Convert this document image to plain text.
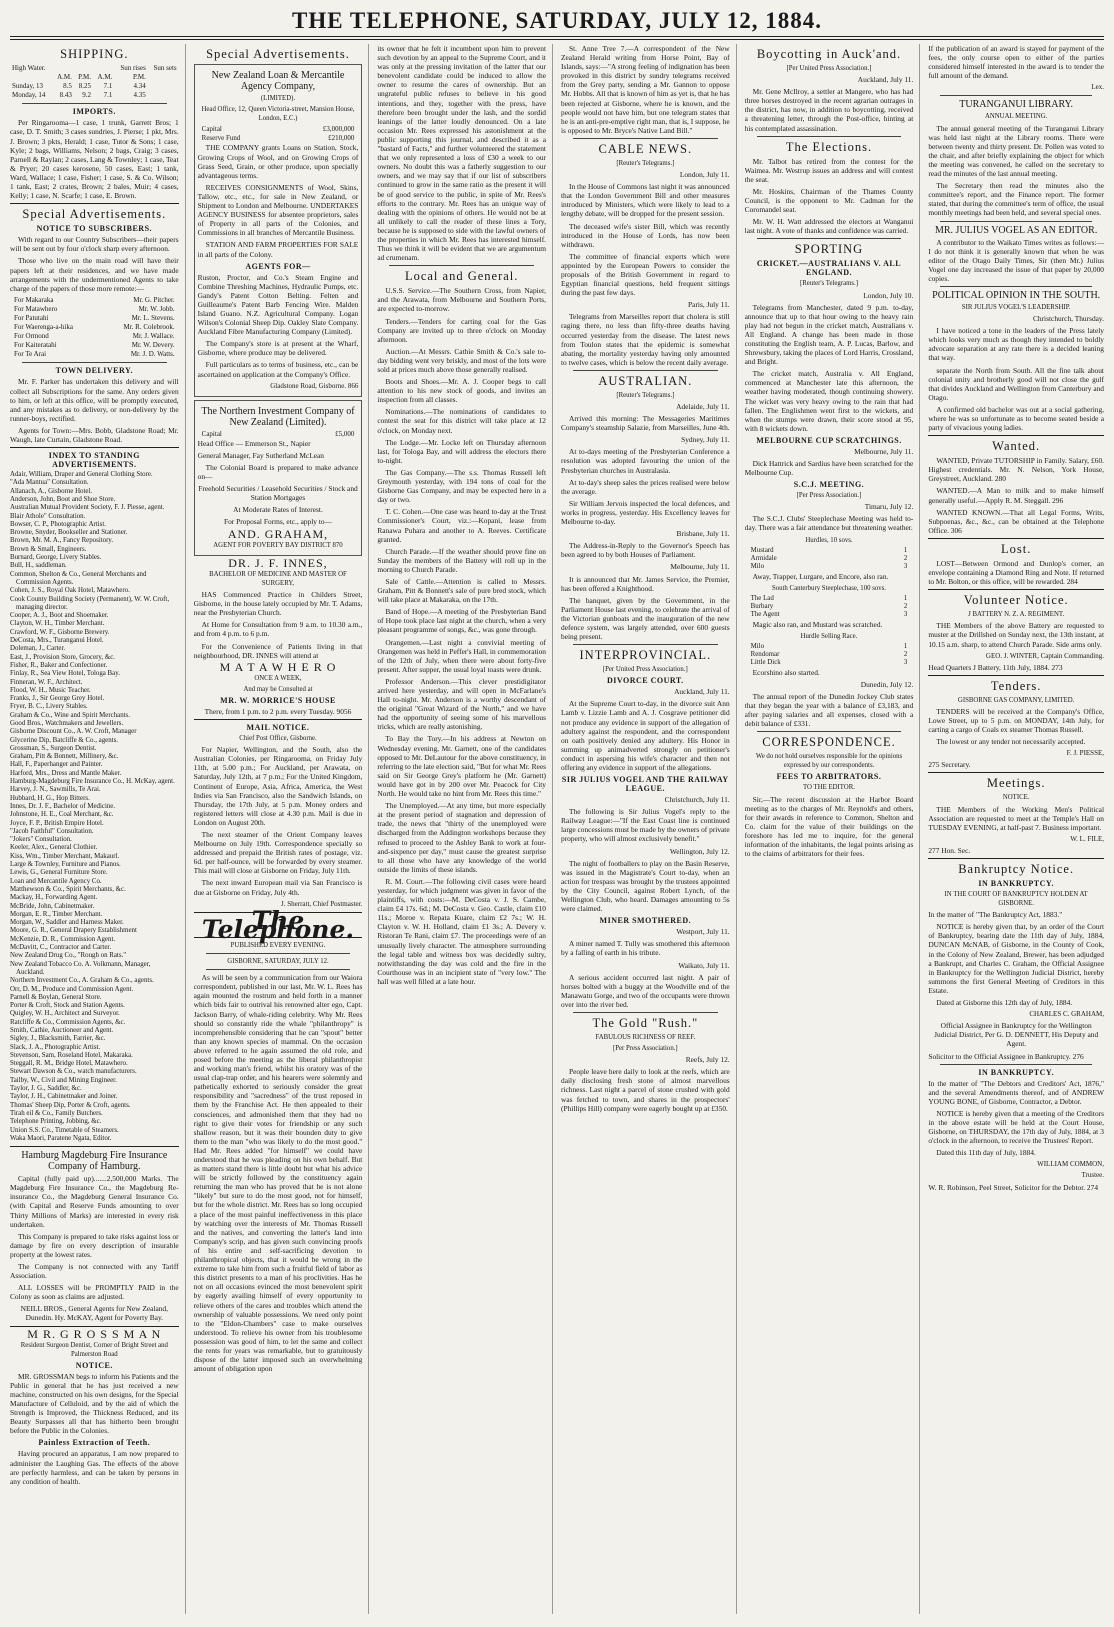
THE TELEPHONE, SATURDAY, JULY 12, 1884.
SHIPPING.
High Water.				Sun rises	Sun sets
	A.M.	P.M.	A.M.	P.M.	
Sunday, 13	8.5	8.25	7.1	4.34	
Monday, 14	8.43	9.2	7.1	4.35	
IMPORTS.

Per Ringarooma—1 case, 1 trunk, Garrett Bros; 1 case, D. T. Smith; 3 cases sundries, J. Pierse; 1 pkt, Mrs. J. Brown; 3 pkts, Herald; 1 case, Tutor & Sons; 1 case, Kyle; 2 bags, Williams, Nelson; 2 bags, Craig; 3 cases, Parnell & Raylan; 2 cases, Lang & Townley; 1 case, Teat & Pryer; 20 cases kerosene, 50 cases, East; 1 tank, Ward, Wallace; 1 case, Fisher; 1 case, S. & Co. Wilson; 1 tank, East; 2 crates, Brown; 2 bales, Muir; 4 cases, Kelly; 1 case, N. Scarfe; 1 case, E. Brown.

Special Advertisements.
NOTICE TO SUBSCRIBERS.

With regard to our Country Subscribers—their papers will be sent out by four o'clock sharp every afternoon.

Those who live on the main road will have their papers left at their residences, and we have made arrangements with the undermentioned Agents to take charge of the papers of those more remote:—

For Makaraka	Mr. G. Pitcher.
For Matawhero	Mr. W. Jobb.
For Patutahi	Mr. L. Stevens.
For Waerenga-a-hika	Mr. R. Colebrook.
For Ormond	Mr. J. Wallace.
For Kaiteratahi	Mr. W. Devery.
For Te Arai	Mr. J. D. Watts.
TOWN DELIVERY.

Mr. F. Parker has undertaken this delivery and will collect all Subscriptions for the same. Any orders given to him, or left at this office, will be promptly executed, and any mistakes as to delivery, or non-delivery by the runner-boys, rectified.

Agents for Town:—Mrs. Bobb, Gladstone Road; Mr. Waugh, late Curtain, Gladstone Road.

INDEX TO STANDING ADVERTISEMENTS.
Adair, William, Draper and General Clothing Store.
"Ada Mantua" Consultation.
Allanach, A., Gisborne Hotel.
Anderson, John, Boot and Shoe Store.
Australian Mutual Provident Society, F. J. Piesse, agent.
Blair Athole" Consultation.
Bowser, C. P., Photographic Artist.
Browne, Snyder, Bookseller and Stationer.
Brown, Mr. M. A., Fancy Repository.
Brown & Small, Engineers.
Burnard, George, Livery Stables.
Bull, H., saddleman.
Common, Shelton & Co., General Merchants and Commission Agents.
Cohen, J. S., Royal Oak Hotel, Matawhero.
Cook County Building Society (Permanent), W. W. Croft, managing director.
Cooper, A. J., Boot and Shoemaker.
Clayton, W. H., Timber Merchant.
Crawford, W. F., Gisborne Brewery.
DeCosta, Mrs., Turanganui Hotel.
Doleman, J., Carter.
East, J., Provision Store, Grocery, &c.
Fisher, R., Baker and Confectioner.
Finlay, R., Sea View Hotel, Tologa Bay.
Finneran, W. F., Architect.
Flood, W. H., Music Teacher.
Franks, J., Sir George Grey Hotel.
Fryer, B. C., Livery Stables.
Graham & Co., Wine and Spirit Merchants.
Good Bros., Watchmakers and Jewellers.
Gisborne Discount Co., A. W. Croft, Manager
Glycerine Dip, Batcliffe & Co., agents.
Grossman, S., Surgeon Dentist.
Graham, Pitt & Bonnett, Millinery, &c.
Hall, F., Paperhanger and Painter.
Harford, Mrs., Dress and Mantle Maker.
Hamburg-Magdeburg Fire Insurance Co., H. McKay, agent.
Harvey, J. N., Sawmills, Te Arai.
Hubbard, H. G., Hop Bitters.
Innes, Dr. J. F., Bachelor of Medicine.
Johnstone, H. E., Coal Merchant, &c.
Joyce, F. P., British Empire Hotel.
"Jacob Faithful" Consultation.
"Jokers" Consultation.
Keeler, Alex., General Clothier.
Kiss, Wm., Timber Merchant, Makaurl.
Large & Townley, Furniture and Pianos.
Lewis, G., General Furniture Store.
Loan and Mercantile Agency Co.
Matthewson & Co., Spirit Merchants, &c.
Mackay, H., Forwarding Agent.
McBride, John, Cabinetmaker.
Morgan, E. R., Timber Merchant.
Morgan, W., Saddler and Harness Maker.
Moore, G. R., General Drapery Establishment
McKenzie, D. R., Commission Agent.
McDavitt, C., Contractor and Carter.
New Zealand Drug Co., "Rough on Rats."
New Zealand Tobacco Co. A. Volkmann, Manager, Auckland.
Northern Investment Co., A. Graham & Co., agents.
Orr, D. M., Produce and Commission Agent.
Parnell & Boylan, General Store.
Porter & Croft, Stock and Station Agents.
Quigley, W. H., Architect and Surveyor.
Ratcliffe & Co., Commission Agents, &c.
Smith, Cathie, Auctioneer and Agent.
Sigley, J., Blacksmith, Farrier, &c.
Slack, J. A., Photographic Artist.
Stevenson, Sam, Roseland Hotel, Makaraka.
Steggall, R. M., Bridge Hotel, Matawhero.
Stewart Dawson & Co., watch manufacturers.
Tailby, W., Civil and Mining Engineer.
Taylor, J. G., Saddler, &c.
Taylor, J. H., Cabinetmaker and Joiner.
Thomas' Sheep Dip, Porter & Croft, agents.
Tirah eil & Co., Family Butchers.
Telephone Printing, Jobbing, &c.
Union S.S. Co., Timetable of Steamers.
Waka Maori, Paratene Ngata, Editor.
Hamburg Magdeburg Fire Insurance Company of Hamburg.

Capital (fully paid up).......2,500,000 Marks. The Magdeburg Fire Insurance Co., the Magdeburg Re-insurance Co., the Magdeburg General Insurance Co. (with Capital and Reserve Funds amounting to over Thirty Millions of Marks) are interested in every risk undertaken.

This Company is prepared to take risks against loss or damage by fire on every description of insurable property at the lowest rates.

The Company is not connected with any Tariff Association.

ALL LOSSES will be PROMPTLY PAID in the Colony as soon as claims are adjusted.

NEILL BROS., General Agents for New Zealand, Dunedin. Hy. McKAY, Agent for Poverty Bay.

M R. G R O S S M A N
Resident Surgeon Dentist, Corner of Bright Street and Palmerston Road
NOTICE.

MR. GROSSMAN begs to inform his Patients and the Public in general that he has just received a new machine, constructed on his own designs, for the Special Manufacture of Celluloid, and by the aid of which the Strength is Improved, the Thickness Reduced, and its Beauty Surpasses all that has hitherto been brought before the Public in the Colonies.

Painless Extraction of Teeth.

Having procured an apparatus, I am now prepared to administer the Laughing Gas. The effects of the above are perfectly harmless, and can be taken by persons in any condition of health.

Special Advertisements.
New Zealand Loan & Mercantile Agency Company,
(LIMITED).
Head Office, 12, Queen Victoria-street, Mansion House, London, E.C.)
Capital	£3,000,000
Reserve Fund	£210,000

THE COMPANY grants Loans on Station, Stock, Growing Crops of Wool, and on Growing Crops of Grass Seed, Grain, or other produce, upon specially advantageous terms.

RECEIVES CONSIGNMENTS of Wool, Skins, Tallow, etc., etc., for sale in New Zealand, or Shipment to London and Melbourne. UNDERTAKES AGENCY BUSINESS for absentee proprietors, sales of Property in all parts of the Colonies, and Commissions in all branches of Mercantile Business.

STATION AND FARM PROPERTIES FOR SALE in all parts of the Colony.

AGENTS FOR—

Ruston, Proctor, and Co.'s Steam Engine and Combine Threshing Machines, Hydraulic Pumps, etc. Gandy's Patent Cotton Belting. Felten and Guilleaume's Patent Barb Fencing Wire. Malden Island Guano. N.Z. Agricultural Company. Logan Wilson's Colonial Sheep Dip. Oakley Slate Company. Auckland Fibre Manufacturing Company (Limited).

The Company's store is at present at the Wharf, Gisborne, where produce may be delivered.

Full particulars as to terms of business, etc., can be ascertained on application at the Company's Office.

Gladstone Road, Gisborne. 866
The Northern Investment Company of New Zealand (Limited).
Capital	£5,000

Head Office — Emmerson St., Napier

General Manager, Fay Sutherland McLean

The Colonial Board is prepared to make advance on—

Freehold Securities / Leasehold Securities / Stock and Station Mortgages

At Moderate Rates of Interest.

For Proposal Forms, etc., apply to—

AND. GRAHAM,
AGENT FOR POVERTY BAY DISTRICT 870
DR. J. F. INNES,
BACHELOR OF MEDICINE AND MASTER OF SURGERY,

HAS Commenced Practice in Childers Street, Gisborne, in the house lately occupied by Mr. T. Adams, near the Presbyterian Church.

At Home for Consultation from 9 a.m. to 10.30 a.m., and from 4 p.m. to 6 p.m.

For the Convenience of Patients living in that neighbourhood, DR. INNES will attend at

M A T A W H E R O
ONCE A WEEK,
And may be Consulted at
MR. W. MORRICE'S HOUSE

There, from 1 p.m. to 2 p.m. every Tuesday. 9056

MAIL NOTICE.
Chief Post Office, Gisborne.

For Napier, Wellington, and the South, also the Australian Colonies, per Ringarooma, on Friday July 11th, at 5.00 p.m.; For Auckland, per Arawata, on Saturday, July 12th, at 7 p.m.; For the United Kingdom, Continent of Europe, Asia, Africa, America, the West Indies via San Francisco, also the Sandwich Islands, on Thursday, the 17th July, at 5 p.m. Money orders and registered letters will close at 4.30 p.m. Mail is due in London on August 20th.

The next steamer of the Orient Company leaves Melbourne on July 19th. Correspondence specially so addressed and prepaid the British rates of postage, viz. 6d. per half-ounce, will be forwarded by every steamer. This mail will close at Gisborne on Friday, July 11th.

The next inward European mail via San Francisco is due at Gisborne on Friday, July 4th.

J. Sherratt, Chief Postmaster.
The Telephone.
PUBLISHED EVERY EVENING.
GISBORNE, SATURDAY, JULY 12.

As will be seen by a communication from our Waiora correspondent, published in our last, Mr. W. L. Rees has again mounted the rostrum and held forth in a manner which bids fair to outrival his renowned alter ego, Capt. Jackson Barry, of whale-riding celebrity. Why Mr. Rees should so constantly ride the whale "philanthropy" is incomprehensible considering that he can "spout" better than any known species of mammal. On the occasion above referred to he again assumed the old role, and posed before the meeting as the liberal philanthropist and working man's friend, whilst his oratory was of the usual clap-trap order, and his hearers were solemnly and pathetically exhorted to seriously consider the great responsibility and "sacredness" of the trust reposed in them by the Franchise Act. He then appealed to their consciences, and admonished them that they had no right to give their votes for friendship or any such shallow reason, but it was their bounden duty to give them to the man "who was likely to do the most good." Had Mr. Rees added "for himself" we could have understood that he was pleading on his own behalf. But as matters stand there is little doubt but what his advice will be strictly followed by the constituency again returning the man who has proved that he is not alone "likely" but sure to do the most good, not for himself, but for the whole district. Mr. Rees has so long occupied a place of the most painful ineffectiveness in this place by watching over the interests of Mr. Thomas Russell and the natives, and converting the latter's land into Company's scrip, and has given such convincing proofs of his entire and self-sacrificing devotion to philanthropical objects, that it would be wrong in the extreme to take him from such a fruitful field of labor as this district presents to a man of his proclivities. Has he not on all occasions evinced the most benevolent spirit by eagerly availing himself of every opportunity to relieve others of the cares and troubles which attend the ownership of valuable possessions. We need only point to the "Eldon-Chambers" case to make ourselves understood. To relieve his owner from his troublesome possession was good of him, to let the same and collect the rents for years was remarkable, but to gratuitously dispose of the latter imposed such an overwhelming amount of obligation upon

its owner that he felt it incumbent upon him to prevent such devotion by an appeal to the Supreme Court, and it was only at the pressing invitation of the latter that our benevolent candidate could be induced to allow the owner to resume the cares of ownership. But an ungrateful public refuses to believe in his good intentions, and they, together with the press, have therefore been brought under the lash, and the sordid leanings of the latter loudly denounced. On a late occasion Mr. Rees expressed his astonishment at the public supporting this journal, and described it as a "bastard of Facts," and further volunteered the statement that we only represented a loss of £30 a week to our owners. No doubt this was a fatherly suggestion to our owners, and we may say that if our list of subscribers continued to grow in the same ratio as the present it will be of good service to the public, in spite of Mr. Rees's efforts to the contrary. Mr. Rees has an unique way of dealing with the opinions of others. He would not be at all unlikely to call the reader of these lines a Tory, because he is supposed to side with the lawful owners of the properties in which Mr. Rees has interested himself. Thus we think it will be evident that we are argumentum ad crumenam.

Local and General.

U.S.S. Service.—The Southern Cross, from Napier, and the Arawata, from Melbourne and Southern Ports, are expected to-morrow.

Tenders.—Tenders for carting coal for the Gas Company are invited up to three o'clock on Monday afternoon.

Auction.—At Messrs. Cathie Smith & Co.'s sale to-day bidding went very briskly, and most of the lots were sold at prices much above those generally realised.

Boots and Shoes.—Mr. A. J. Cooper begs to call attention to his new stock of goods, and invites an inspection from all classes.

Nominations.—The nominations of candidates to contest the seat for this district will take place at 12 o'clock, on Monday next.

The Lodge.—Mr. Locke left on Thursday afternoon last, for Tologa Bay, and will address the electors there to-night.

The Gas Company.—The s.s. Thomas Russell left Greymouth yesterday, with 194 tons of coal for the Gisborne Gas Company, and may be expected here in a day or two.

T. C. Cohen.—One case was heard to-day at the Trust Commissioner's Court, viz.:—Kopani, lease from Ranawa Puhara and another to A. Reeves. Certificate granted.

Church Parade.—If the weather should prove fine on Sunday the members of the Battery will roll up in the morning to Church Parade.

Sale of Cattle.—Attention is called to Messrs. Graham, Pitt & Bonnett's sale of pure bred stock, which will take place at Makaraka, on the 17th.

Band of Hope.—A meeting of the Presbyterian Band of Hope took place last night at the church, when a very pleasant programme of songs, &c., was gone through.

Orangemen.—Last night a convivial meeting of Orangemen was held in Peffer's Hall, in commemoration of the 12th of July, when there were about forty-five present. After supper, the usual loyal toasts were drunk.

Professor Anderson.—This clever prestidigitator arrived here yesterday, and will open in McFarlane's Hall to-night. Mr. Anderson is a worthy descendant of the original "Great Wizard of the North," and we have had the opportunity of seeing some of his marvellous tricks, which are really astonishing.

To Bay the Tory.—In his address at Newton on Wednesday evening, Mr. Garnett, one of the candidates opposed to Mr. DeLautour for the above constituency, in referring to the late election said, "But for what Mr. Rees said on Sir George Grey's platform he (Mr. Garnett) would have got in by 200 over Mr. Peacock for City North. He would take no hint from Mr. Rees this time."

The Unemployed.—At any time, but more especially at the present period of stagnation and depression of trade, the news that "thirty of the unemployed were discharged from the Addington workshops because they refused to proceed to the Ashley Bank to work at four-and-sixpence per day," must cause the greatest surprise to all those who have any knowledge of the world outside the limits of these islands.

R. M. Court.—The following civil cases were heard yesterday, for which judgment was given in favor of the plaintiffs, with costs:—M. DeCosta v. J. S. Cambe, claim £4 17s. 6d.; M. DeCosta v. Geo. Castle, claim £10 11s.; Moroe v. Repata Kuare, claim £2 7s.; W. H. Clayton v. W. H. Holland, claim £1 3s.; A. Devery v. Ristoran Te Rani, claim £7. The proceedings were of an unusually lively character. The atmosphere surrounding the legal table and witness box was decidedly sultry, notwithstanding the day was cold and the fire in the Courthouse was in an incipient state of "very low." The hall was well filled at a late hour.

St. Anne Tree 7.—A correspondent of the New Zealand Herald writing from Horse Point, Bay of Islands, says:—"A strong feeling of indignation has been provoked in this district by sundry telegrams received from the Grey party, sending a Mr. Gannon to oppose Mr. Hobbs. All that is known of him as yet is, that he has been rejected at Gisborne, where he is known, and the people would not have him, but one telegram states that he is an anti-pre-emptive right man, that is, I suppose, he is opposed to Mr. Bryce's Native Land Bill."

CABLE NEWS.
[Reuter's Telegrams.]

London, July 11.

In the House of Commons last night it was announced that the London Government Bill and other measures introduced by Ministers, which were likely to lead to a lengthy debate, will be dropped for the present session.

The deceased wife's sister Bill, which was recently introduced in the House of Lords, has now been withdrawn.

The committee of financial experts which were appointed by the European Powers to consider the proposals of the British Government in regard to Egyptian financial questions, held frequent sittings during the past few days.

Paris, July 11.

Telegrams from Marseilles report that cholera is still raging there, no less than fifty-three deaths having occurred yesterday from the disease. The latest news from Toulon states that the epidemic is somewhat abating, the mortality yesterday having only amounted to twelve cases, which is below the recent daily average.

AUSTRALIAN.
[Reuter's Telegrams.]

Adelaide, July 11.

Arrived this morning: The Messageries Maritimes Company's steamship Salazie, from Marseilles, June 4th.

Sydney, July 11.

At to-days meeting of the Presbyterian Conference a resolution was adopted favouring the union of the Presbyterian churches in Australasia.

At to-day's sheep sales the prices realised were below the average.

Sir William Jervois inspected the local defences, and works in progress, yesterday. His Excellency leaves for Melbourne to-day.

Brisbane, July 11.

The Address-in-Reply to the Governor's Speech has been agreed to by both Houses of Parliament.

Melbourne, July 11.

It is announced that Mr. James Service, the Premier, has been offered a Knighthood.

The banquet, given by the Government, in the Parliament House last evening, to celebrate the arrival of the Victorian gunboats and the inauguration of the new defence system, was largely attended, over 600 guests being present.

INTERPROVINCIAL.
[Per United Press Association.]
DIVORCE COURT.

Auckland, July 11.

At the Supreme Court to-day, in the divorce suit Ann Lamb v. Lizzie Lamb and A. J. Cosgrave petitioner did not produce any evidence in support of the allegation of adultery against the respondent, and the correspondent on oath positively denied any adultery. His Honor in summing up animadverted strongly on petitioner's conduct in aspersing his wife's character and then not offering any evidence in support of the allegations.

SIR JULIUS VOGEL AND THE RAILWAY LEAGUE.

Christchurch, July 11.

The following is Sir Julius Vogel's reply to the Railway League:—"If the East Coast line is continued large concessions must be made by the owners of private property, who will almost exclusively benefit."

Wellington, July 12.

The night of footballers to play on the Basin Reserve, was issued in the Magistrate's Court to-day, when an action for trespass was brought by the trustees appointed by the City Council, against Robert Lynch, of the Wellington Club, who heard. Damages amounting to 5s were claimed.

MINER SMOTHERED.

Westport, July 11.

A miner named T. Tully was smothered this afternoon by a falling of earth in his tribute.

Waikato, July 11.

A serious accident occurred last night. A pair of horses bolted with a buggy at the Woodville end of the Manawatu Gorge, and two of the occupants were thrown over into the river bed.

The Gold "Rush."
FABULOUS RICHNESS OF REEF.
[Per Press Association.]

Reefs, July 12.

People leave here daily to look at the reefs, which are daily disclosing fresh stone of almost marvellous richness. Last night a parcel of stone crushed with gold was fetched to town, and shares in the prospectors' (Phillips Hill) company were eagerly bought up at £350.

Boycotting in Auck'and.
[Per United Press Association.]

Auckland, July 11.

Mr. Gene McIlroy, a settler at Mangere, who has had three horses destroyed in the recent agrarian outrages in the district, has now, in addition to boycotting, received a threatening letter, through the Post-office, hinting at his contemplated assassination.

The Elections.

Mr. Talbot has retired from the contest for the Waimea. Mr. Westrup issues an address and will contest the seat.

Mr. Hoskins, Chairman of the Thames County Council, is the opponent to Mr. Cadman for the Coromandel seat.

Mr. W. H. Watt addressed the electors at Wanganui last night. A vote of thanks and confidence was carried.

SPORTING
CRICKET.—AUSTRALIANS V. ALL ENGLAND.
[Reuter's Telegrams.]

London, July 10.

Telegrams from Manchester, dated 9 p.m. to-day, announce that up to that hour owing to the heavy rain play had not begun in the cricket match, Australians v. All England. A change has been made in those constituting the English team, A. P. Lucas, Barlow, and Shrewsbury, taking the places of Lord Harris, Crossland, and Bright.

The cricket match, Australia v. All England, commenced at Manchester late this afternoon, the weather having moderated, though continuing showery. The wicket was very heavy owing to the rain that had fallen. The Englishmen went first to the wickets, and when the stumps were drawn, their score stood at 95, with 8 wickets down.

MELBOURNE CUP SCRATCHINGS.

Melbourne, July 11.

Dick Hattrick and Sardius have been scratched for the Melbourne Cup.

S.C.J. MEETING.
[Per Press Association.]

Timaru, July 12.

The S.C.J. Clubs' Steeplechase Meeting was held to-day. There was a fair attendance but threatening weather.

Hurdles, 10 sovs.
Mustard	1
Armidale	2
Milo	3

Away, Trapper, Lurgare, and Encore, also ran.

South Canterbury Steeplechase, 100 sovs.
The Lad	1
Burbary	2
The Agent	3

Magic also ran, and Mustard was scratched.

Hurdle Selling Race.
Milo	1
Rendomar	2
Little Dick	3

Ecorshino also started.

Dunedin, July 12.

The annual report of the Dunedin Jockey Club states that they began the year with a balance of £3,183, and after paying salaries and all expenses, closed with a debit balance of £331.

CORRESPONDENCE.
We do not hold ourselves responsible for the opinions expressed by our correspondents.
FEES TO ARBITRATORS.
TO THE EDITOR.

Sir,—The recent discussion at the Harbor Board meeting as to the charges of Mr. Reynold's and others, for their awards in reference to Common, Shelton and Co. claim for the value of their buildings on the foreshore has led me to inquire, for the general information of the inhabitants, the legal points arising as to the claims of arbitrators for their fees.

If the publication of an award is stayed for payment of the fees, the only course open to either of the parties considered himself interested in the award is to tender the full amount of the demand.

Lex.
TURANGANUI LIBRARY.
ANNUAL MEETING.

The annual general meeting of the Turanganui Library was held last night at the Library rooms. There were between twenty and thirty present. Dr. Pollen was voted to the chair, and after briefly explaining the object for which the meeting was convened, he called on the secretary to read the minutes of the last annual meeting.

The Secretary then read the minutes also the committee's report, and the Finance report. The former stated, that during the committee's term of office, the usual monthly meetings had been held, and several special ones.

MR. JULIUS VOGEL AS AN EDITOR.

A contributor to the Waikato Times writes as follows:—I do not think it is generally known that when he was editor of the Otago Daily Times, Sir (then Mr.) Julius Vogel one day increased the issue of that paper by 20,000 copies.

POLITICAL OPINION IN THE SOUTH.
SIR JULIUS VOGEL'S LEADERSHIP.

Christchurch, Thursday.

I have noticed a tone in the leaders of the Press lately which looks very much as though they intended to boldly advocate separation at any rate there is a decided leaning that way.

separate the North from South. All the fine talk about colonial unity and brotherly good will not close the gulf that divides Auckland and Wellington from Canterbury and Otago.

A confirmed old bachelor was out at a social gathering, where he was so unfortunate as to become seated beside a party of vivacious young ladies.

Wanted.

WANTED, Private TUTORSHIP in Family. Salary, £60. Highest credentials. Mr. N. Nelson, York House, Greystreet, Auckland. 280

WANTED.—A Man to milk and to make himself generally useful.—Apply R. M. Steggall. 296

WANTED KNOWN.—That all Legal Forms, Writs, Subpoenas, &c., &c., can be obtained at the Telephone Office. 306

Lost.

LOST—Between Ormond and Dunlop's corner, an envelope containing a Diamond Ring and Note. If returned to Mr. Bolton, or this office, will be rewarded. 284

Volunteer Notice.
J BATTERY N. Z. A. REGIMENT.

THE Members of the above Battery are requested to muster at the Drillshed on Sunday next, the 13th instant, at 10.15 a.m. sharp, to attend Church Parade. Side arms only.

GEO. J. WINTER, Captain Commanding.

Head Quarters J Battery, 11th July, 1884. 273

Tenders.
GISBORNE GAS COMPANY, LIMITED.

TENDERS will be received at the Company's Office, Lowe Street, up to 5 p.m. on MONDAY, 14th July, for carting a cargo of Coals ex steamer Thomas Russell.

The lowest or any tender not necessarily accepted.

F. J. PIESSE,

275 Secretary.

Meetings.
NOTICE.

THE Members of the Working Men's Political Association are requested to meet at the Temple's Hall on TUESDAY EVENING, at half-past 7. Business important.

W. L. FILE,

277 Hon. Sec.

Bankruptcy Notice.
IN BANKRUPTCY.
IN THE COURT OF BANKRUPTCY HOLDEN AT GISBORNE.

In the matter of "The Bankruptcy Act, 1883."

NOTICE is hereby given that, by an order of the Court of Bankruptcy, bearing date the 11th day of July, 1884, DUNCAN McNAB, of Gisborne, in the County of Cook, in the Colony of New Zealand, Brewer, has been adjudged a Bankrupt, and Charles C. Graham, the Official Assignee in Bankruptcy for the Wellington Judicial District, hereby summons the first General Meeting of Creditors in this Estate.

Dated at Gisborne this 12th day of July, 1884.

CHARLES C. GRAHAM,

Official Assignee in Bankruptcy for the Wellington Judicial District, Per G. D. DENNETT, His Deputy and Agent.

Solicitor to the Official Assignee in Bankruptcy. 276

IN BANKRUPTCY.

In the matter of "The Debtors and Creditors' Act, 1876," and the several Amendments thereof, and of ANDREW YOUNG BONE, of Gisborne, Contractor, a Debtor.

NOTICE is hereby given that a meeting of the Creditors in the above estate will be held at the Court House, Gisborne, on THURSDAY, the 17th day of July, 1884, at 3 o'clock in the afternoon, to receive the Trustees' Report.

Dated this 11th day of July, 1884.

WILLIAM COMMON,
Trustee.

W. R. Robinson, Peel Street, Solicitor for the Debtor. 274
